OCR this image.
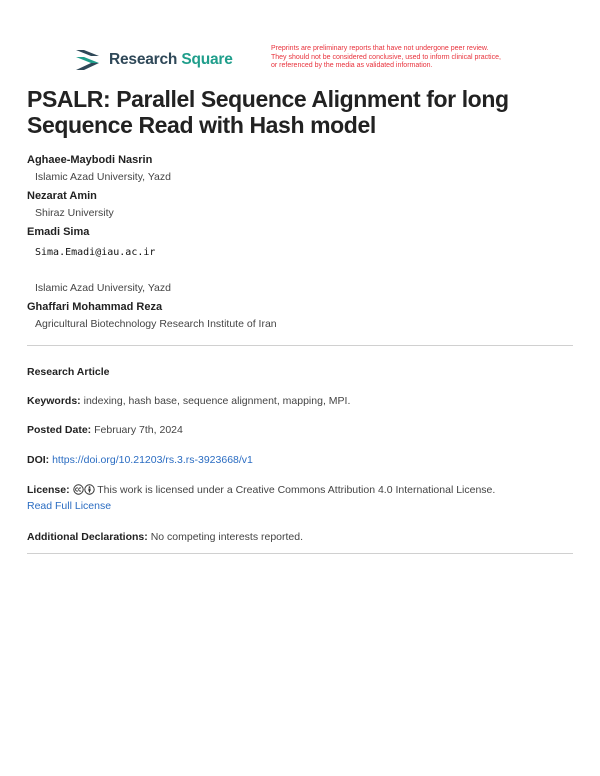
Research Square
Preprints are preliminary reports that have not undergone peer review.
They should not be considered conclusive, used to inform clinical practice,
or referenced by the media as validated information.
PSALR: Parallel Sequence Alignment for long Sequence Read with Hash model
Aghaee-Maybodi Nasrin
Islamic Azad University, Yazd
Nezarat Amin
Shiraz University
Emadi Sima
Sima.Emadi@iau.ac.ir
Islamic Azad University, Yazd
Ghaffari Mohammad Reza
Agricultural Biotechnology Research Institute of Iran
Research Article
Keywords: indexing, hash base, sequence alignment, mapping, MPI.
Posted Date: February 7th, 2024
DOI: https://doi.org/10.21203/rs.3.rs-3923668/v1
License:	This work is licensed under a Creative Commons Attribution 4.0 International License.
Read Full License
Additional Declarations: No competing interests reported.
